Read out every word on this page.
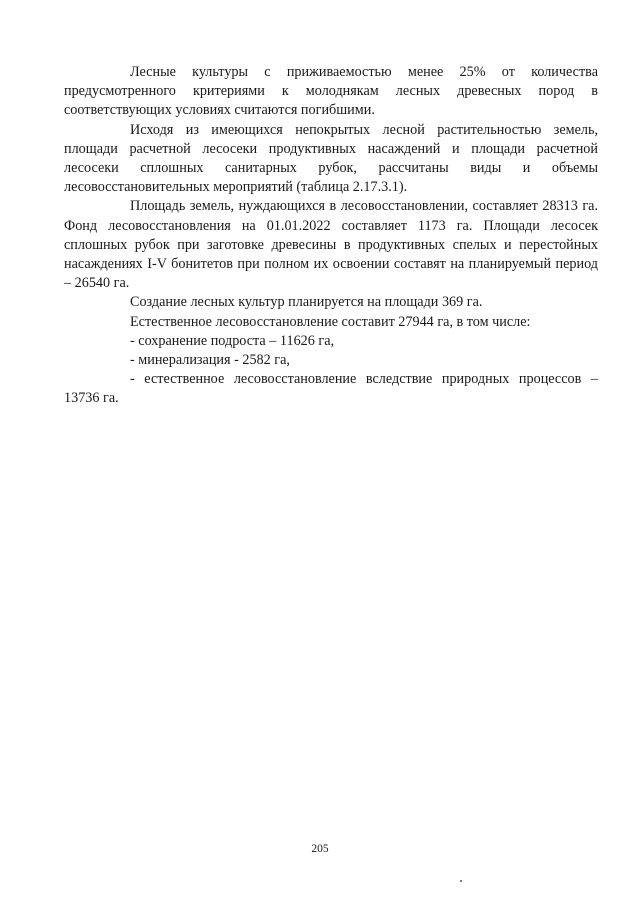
Лесные культуры с приживаемостью менее 25% от количества предусмотренного критериями к молоднякам лесных древесных пород в соответствующих условиях считаются погибшими.

Исходя из имеющихся непокрытых лесной растительностью земель, площади расчетной лесосеки продуктивных насаждений и площади расчетной лесосеки сплошных санитарных рубок, рассчитаны виды и объемы лесовосстановительных мероприятий (таблица 2.17.3.1).

Площадь земель, нуждающихся в лесовосстановлении, составляет 28313 га. Фонд лесовосстановления на 01.01.2022 составляет 1173 га. Площади лесосек сплошных рубок при заготовке древесины в продуктивных спелых и перестойных насаждениях I-V бонитетов при полном их освоении составят на планируемый период – 26540 га.

Создание лесных культур планируется на площади 369 га.

Естественное лесовосстановление составит 27944 га, в том числе:

- сохранение подроста – 11626 га,

- минерализация - 2582 га,

- естественное лесовосстановление вследствие природных процессов – 13736 га.

205
